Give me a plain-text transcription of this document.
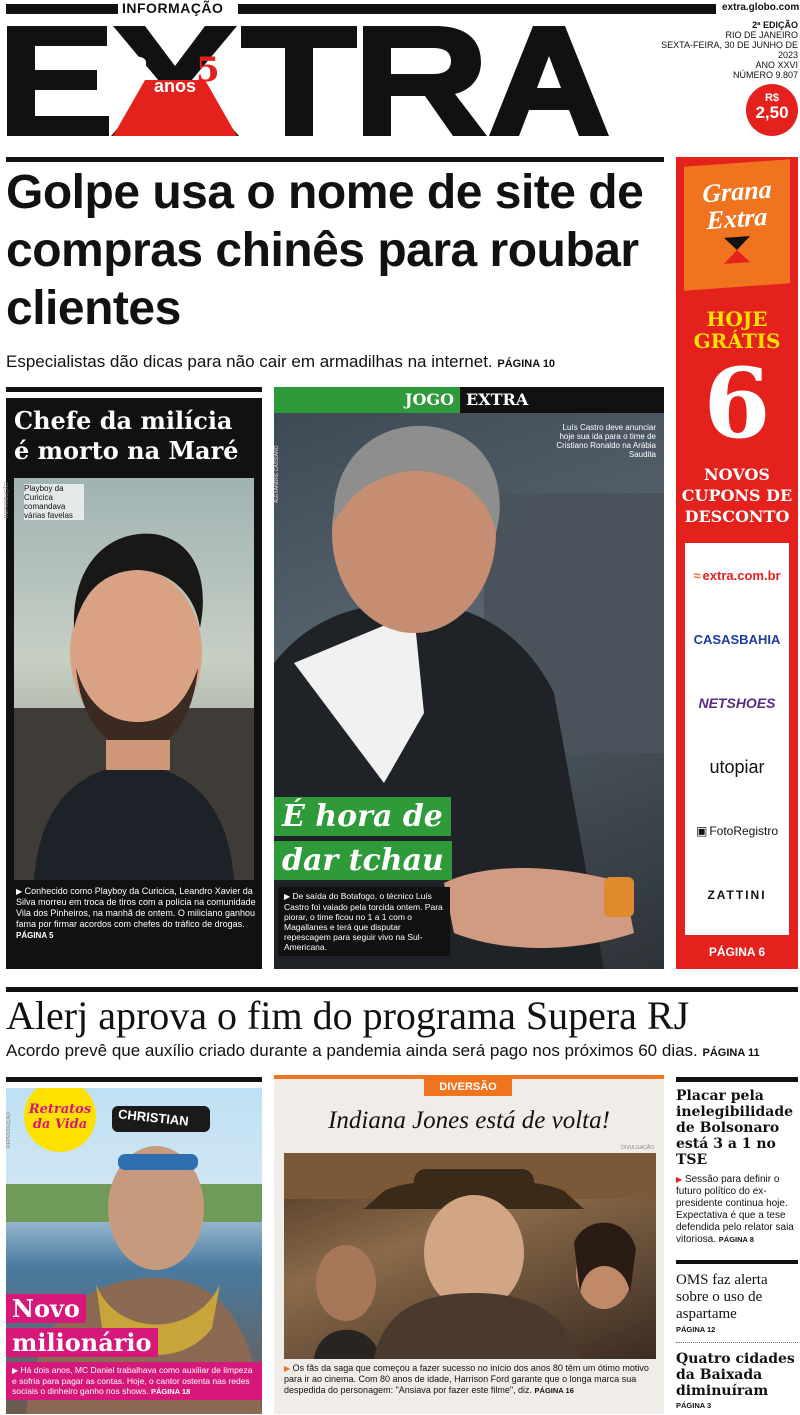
INFORMAÇÃO	extra.globo.com
2 5
anos
2ª EDIÇÃO
RIO DE JANEIRO
SEXTA-FEIRA, 30 DE JUNHO DE 2023
ANO XXVI
NÚMERO 9.807
R$
2,50
Golpe usa o nome de site de compras chinês para roubar clientes
Especialistas dão dicas para não cair em armadilhas na internet. PÁGINA 10
Grana
Extra
HOJE
GRÁTIS
6
NOVOS
CUPONS DE
DESCONTO
≈ extra.com.br
CASASBAHIA
NETSHOES
utopiar
▣ FotoRegistro
ZATTINI
PÁGINA 6
Chefe da milícia
é morto na Maré
Playboy da Curicica comandava várias favelas
REPRODUÇÃO
▶ Conhecido como Playboy da Curicica, Leandro Xavier da Silva morreu em troca de tiros com a polícia na comunidade Vila dos Pinheiros, na manhã de ontem. O miliciano ganhou fama por firmar acordos com chefes do tráfico de drogas. PÁGINA 5
JOGO EXTRA
Luís Castro deve anunciar hoje sua ida para o time de Cristiano Ronaldo na Arábia Saudita
ALEXANDRE CASSIANO
É hora de
dar tchau
▶ De saída do Botafogo, o técnico Luís Castro foi vaiado pela torcida ontem. Para piorar, o time ficou no 1 a 1 com o Magallanes e terá que disputar repescagem para seguir vivo na Sul-Americana.
Alerj aprova o fim do programa Supera RJ
Acordo prevê que auxílio criado durante a pandemia ainda será pago nos próximos 60 dias. PÁGINA 11
Retratos
da Vida	CHRISTIAN
REPRODUÇÃO
Novo
milionário
▶ Há dois anos, MC Daniel trabalhava como auxiliar de limpeza e sofria para pagar as contas. Hoje, o cantor ostenta nas redes sociais o dinheiro ganho nos shows. PÁGINA 18
DIVERSÃO
Indiana Jones está de volta!
DIVULGAÇÃO
▶ Os fãs da saga que começou a fazer sucesso no início dos anos 80 têm um ótimo motivo para ir ao cinema. Com 80 anos de idade, Harrison Ford garante que o longa marca sua despedida do personagem: "Ansiava por fazer este filme", diz. PÁGINA 16
Placar pela inelegibilidade de Bolsonaro está 3 a 1 no TSE
▶ Sessão para definir o futuro político do ex-presidente continua hoje. Expectativa é que a tese defendida pelo relator saia vitoriosa. PÁGINA 8
OMS faz alerta sobre o uso de aspartame
PÁGINA 12
Quatro cidades da Baixada diminuíram
PÁGINA 3
